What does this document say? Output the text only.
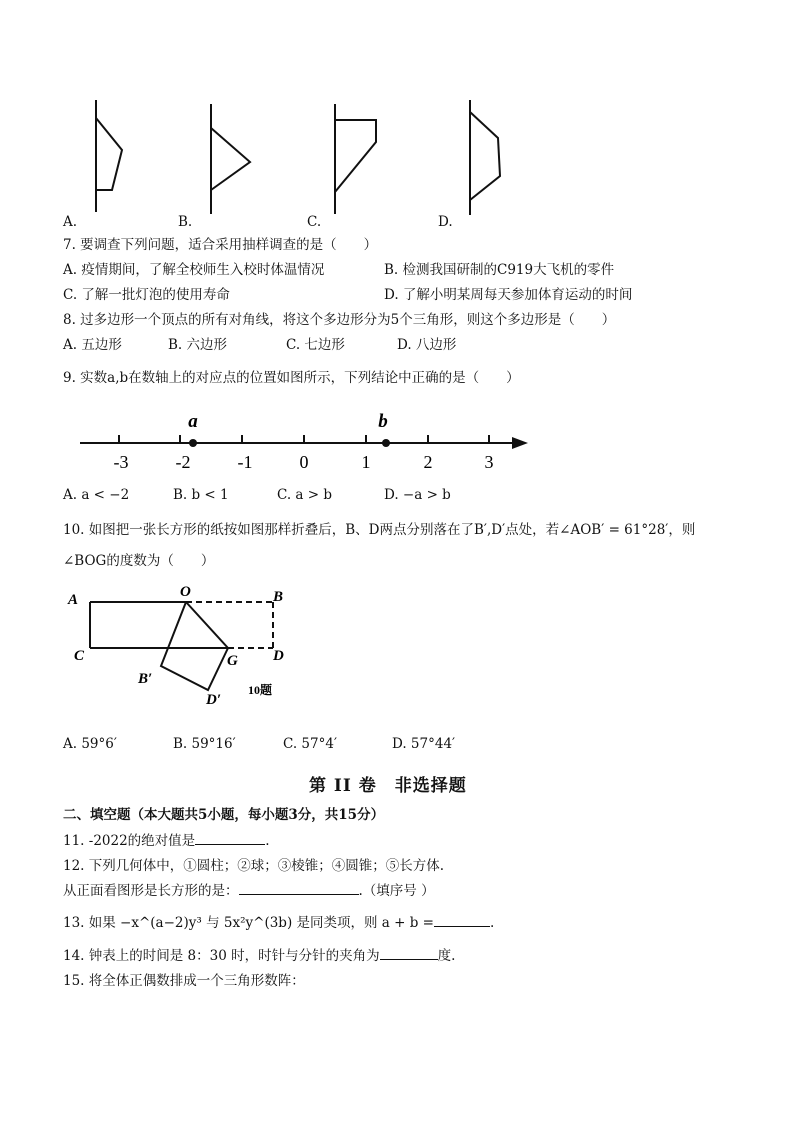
A.	B.	C.	D.
7. 要调查下列问题，适合采用抽样调查的是（　　）
A. 疫情期间，了解全校师生入校时体温情况	B. 检测我国研制的C919大飞机的零件
C. 了解一批灯泡的使用寿命	D. 了解小明某周每天参加体育运动的时间
8. 过多边形一个顶点的所有对角线，将这个多边形分为5个三角形，则这个多边形是（　　）
A. 五边形	B. 六边形	C. 七边形	D. 八边形
9. 实数a,b在数轴上的对应点的位置如图所示，下列结论中正确的是（　　）
a	b
-3	-2	-1	0	1	2	3
A. a < −2	B. b < 1	C. a > b	D. −a > b
10. 如图把一张长方形的纸按如图那样折叠后，B、D两点分别落在了B′,D′点处，若∠AOB′ = 61°28′，则
∠BOG的度数为（　　）
A	O	B
C	G D
B′
D′
10题
A. 59°6′	B. 59°16′	C. 57°4′	D. 57°44′
第 II 卷　非选择题
二、填空题（本大题共5小题，每小题3分，共15分）
11. -2022的绝对值是	.
12. 下列几何体中，①圆柱；②球；③棱锥；④圆锥；⑤长方体.
从正面看图形是长方形的是：	.（填序号 ）
13. 如果 −x^(a−2)y³ 与 5x²y^(3b) 是同类项，则 a + b =	.
14. 钟表上的时间是 8：30 时，时针与分针的夹角为	度.
15. 将全体正偶数排成一个三角形数阵：
